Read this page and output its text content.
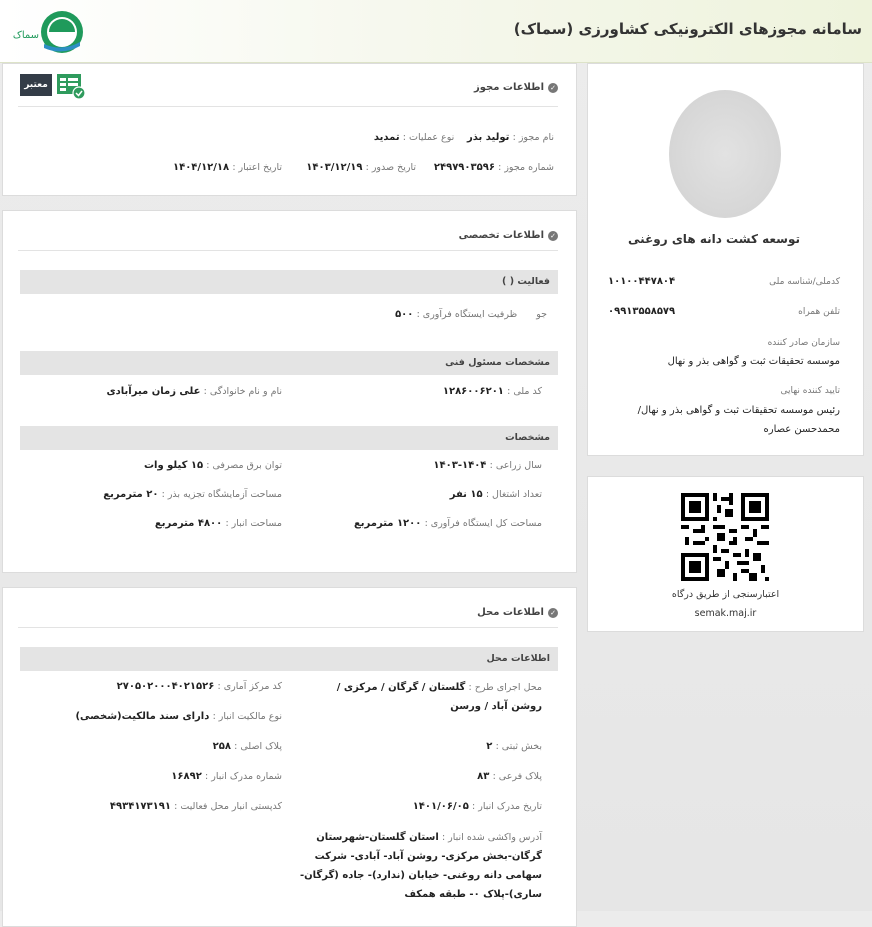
سماک	سامانه مجوزهای الکترونیکی کشاورزی (سماک)
✓
اطلاعات مجوز
معتبر
نام مجوز : تولید بذر    نوع عملیات : تمدید
شماره مجوز : ۲۴۹۷۹۰۳۵۹۶
تاریخ صدور : ۱۴۰۳/۱۲/۱۹
تاریخ اعتبار : ۱۴۰۴/۱۲/۱۸
✓
اطلاعات تخصصی
فعالیت ( )
جو      ظرفیت ایستگاه فرآوری : ۵۰۰
مشخصات مسئول فنی
کد ملی : ۱۲۸۶۰۰۶۲۰۱
نام و نام خانوادگی : علی زمان میرآبادی
مشخصات
سال زراعی : ۱۴۰۴-۱۴۰۳
توان برق مصرفی : ۱۵ کیلو وات
تعداد اشتغال : ۱۵ نفر
مساحت آزمایشگاه تجزیه بذر : ۲۰ مترمربع
مساحت کل ایستگاه فرآوری : ۱۲۰۰ مترمربع
مساحت انبار : ۴۸۰۰ مترمربع
✓
اطلاعات محل
اطلاعات محل
محل اجرای طرح : گلستان / گرگان / مرکزی / روشن آباد / ورسن
کد مرکز آماری : ۲۷۰۵۰۲۰۰۰۴۰۲۱۵۲۶
نوع مالکیت انبار : دارای سند مالکیت(شخصی)
بخش ثبتی : ۲
پلاک اصلی : ۲۵۸
پلاک فرعی : ۸۳
شماره مدرک انبار : ۱۶۸۹۲
تاریخ مدرک انبار : ۱۴۰۱/۰۶/۰۵
کدپستی انبار محل فعالیت : ۴۹۳۴۱۷۳۱۹۱
آدرس واکشی شده انبار : استان گلستان-شهرستان گرگان-بخش مرکزی- روشن آباد- آبادی- شرکت سهامی دانه روغنی- خیابان (ندارد)- جاده (گرگان-ساری)-پلاک ۰- طبقه همکف
توسعه کشت دانه های روغنی
کدملی/شناسه ملی
۱۰۱۰۰۴۴۷۸۰۴
تلفن همراه
۰۹۹۱۳۵۵۸۵۷۹
سازمان صادر کننده
موسسه تحقیقات ثبت و گواهی بذر و نهال
تایید کننده نهایی
رئیس موسسه تحقیقات ثبت و گواهی بذر و نهال/محمدحسن عصاره
اعتبارسنجی از طریق درگاه
semak.maj.ir
